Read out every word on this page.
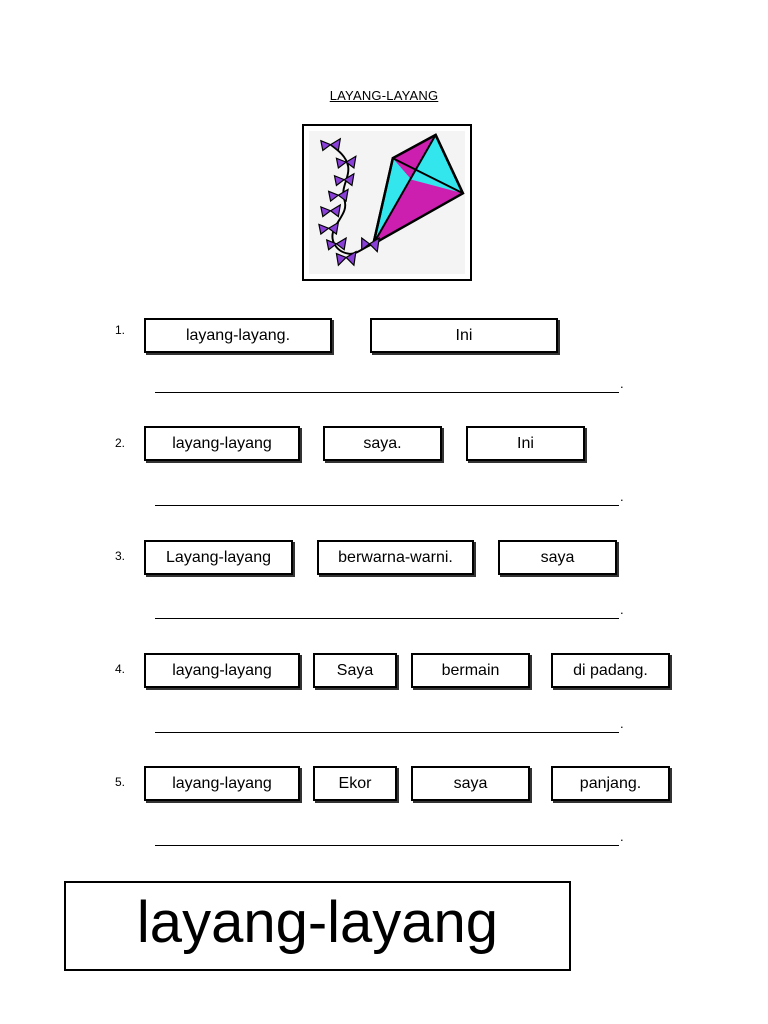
LAYANG-LAYANG
1.	layang-layang.	Ini
.
2.	layang-layang	saya.	Ini
.
3.	Layang-layang	berwarna-warni.	saya
.
4.	layang-layang	Saya	bermain	di padang.
.
5.	layang-layang	Ekor	saya	panjang.
.
layang-layang
